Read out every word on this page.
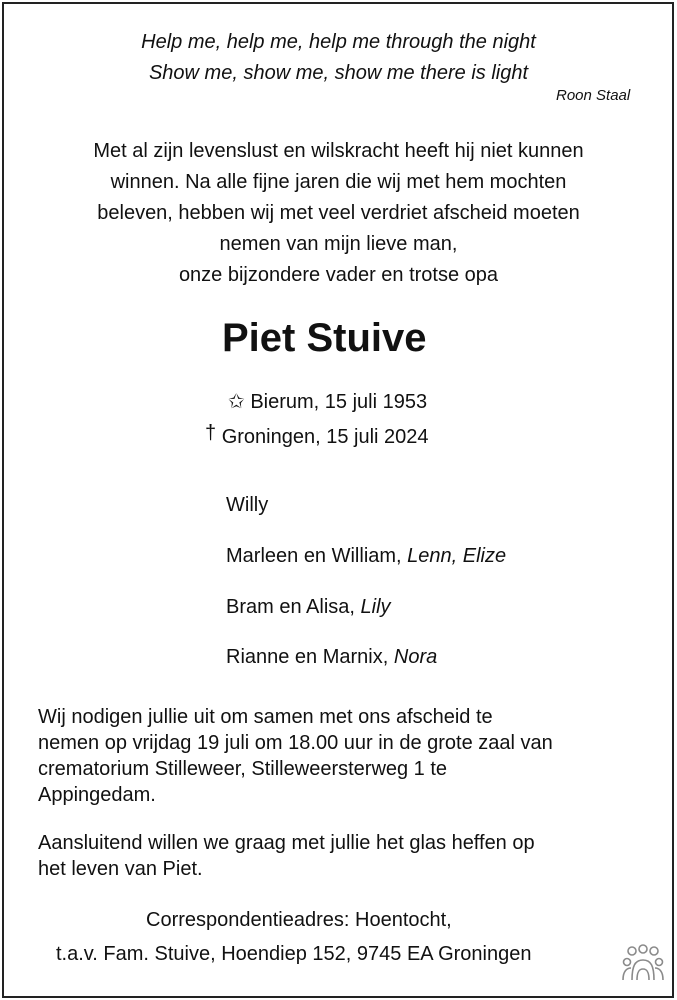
Help me, help me, help me through the night
Show me, show me, show me there is light
Roon Staal
Met al zijn levenslust en wilskracht heeft hij niet kunnen
winnen. Na alle fijne jaren die wij met hem mochten
beleven, hebben wij met veel verdriet afscheid moeten
nemen van mijn lieve man,
onze bijzondere vader en trotse opa
Piet Stuive
✩ Bierum, 15 juli 1953
† Groningen, 15 juli 2024
Willy
Marleen en William, Lenn, Elize
Bram en Alisa, Lily
Rianne en Marnix, Nora
Wij nodigen jullie uit om samen met ons afscheid te
nemen op vrijdag 19 juli om 18.00 uur in de grote zaal van
crematorium Stilleweer, Stilleweersterweg 1 te
Appingedam.
Aansluitend willen we graag met jullie het glas heffen op
het leven van Piet.
Correspondentieadres: Hoentocht,
t.a.v. Fam. Stuive, Hoendiep 152, 9745 EA Groningen
